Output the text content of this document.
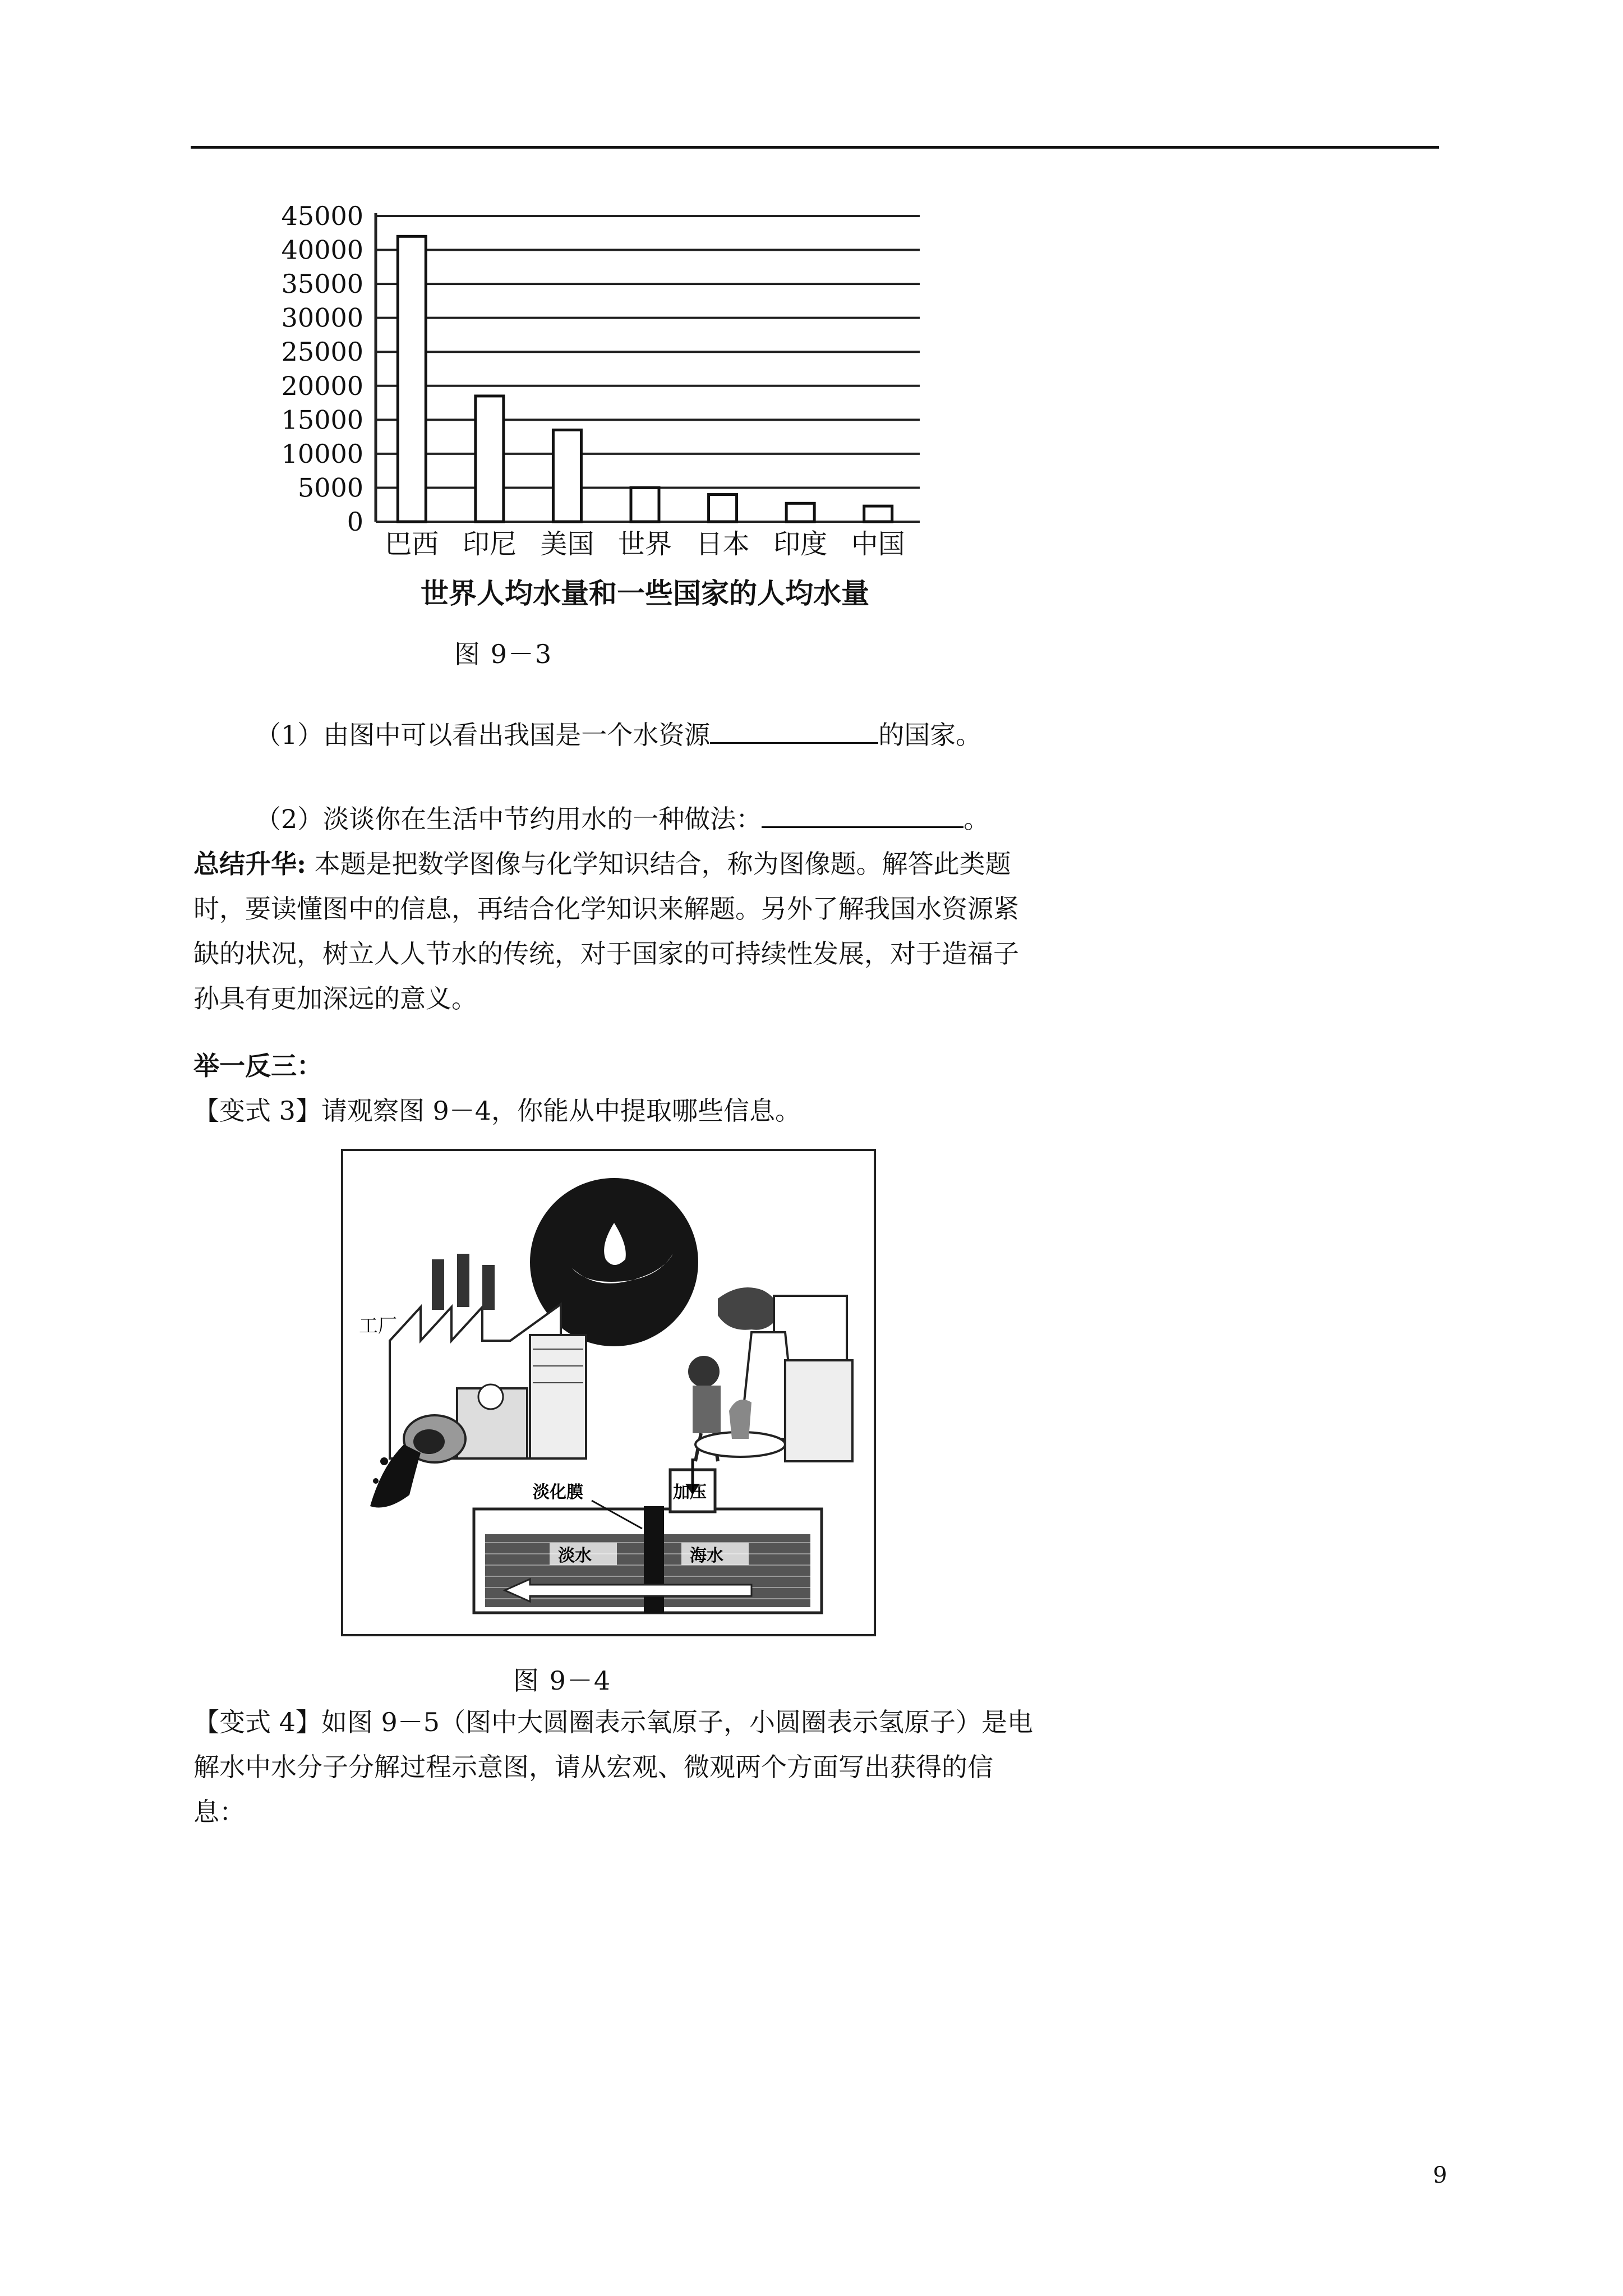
45000
40000
35000
30000
25000
20000
15000
10000
5000
0
巴西 印尼 美国 世界 日本 印度 中国
世界人均水量和一些国家的人均水量
图 9－3
（1）由图中可以看出我国是一个水资源	的国家。
（2）淡谈你在生活中节约用水的一种做法：	。
总结升华: 本题是把数学图像与化学知识结合，称为图像题。解答此类题时，要读懂图中的信息，再结合化学知识来解题。另外了解我国水资源紧缺的状况，树立人人节水的传统，对于国家的可持续性发展，对于造福子孙具有更加深远的意义。
举一反三：
【变式 3】请观察图 9－4，你能从中提取哪些信息。
工厂
淡化膜	加压
淡水	海水
图 9－4
【变式 4】如图 9－5（图中大圆圈表示氧原子，小圆圈表示氢原子）是电解水中水分子分解过程示意图，请从宏观、微观两个方面写出获得的信息：
9
